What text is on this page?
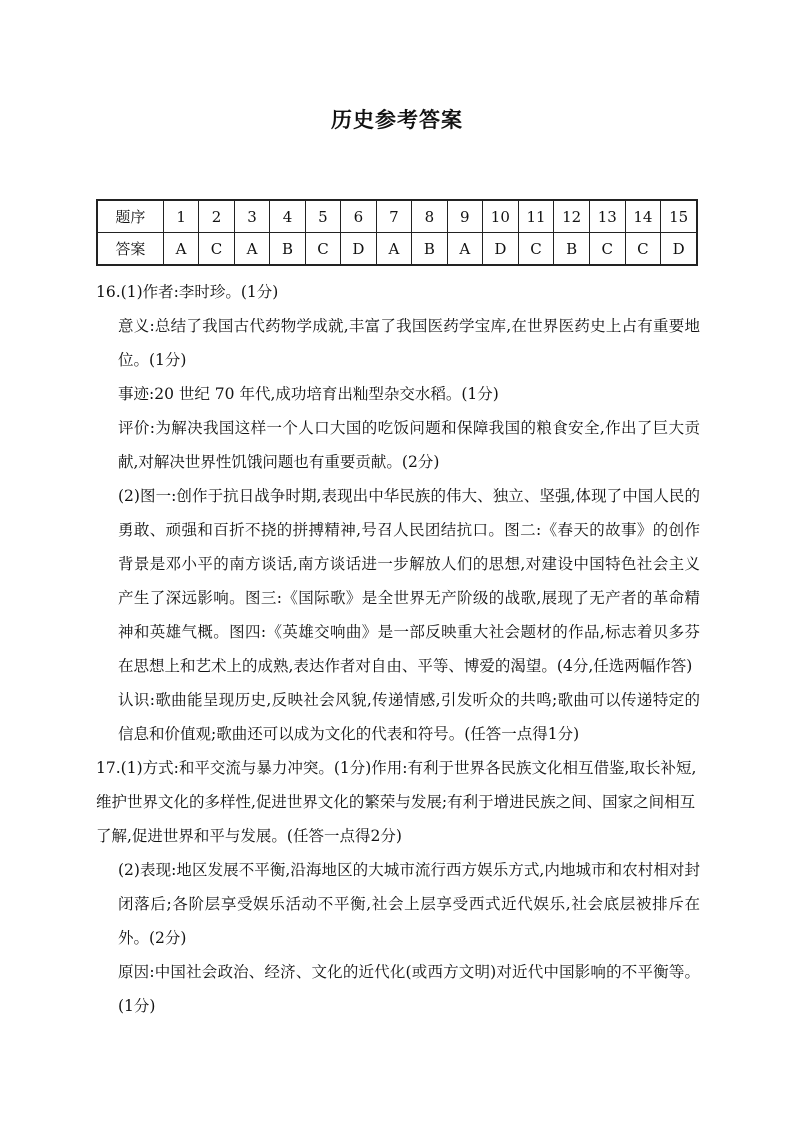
历史参考答案
题序	1	2	3	4	5	6	7	8	9	10	11	12	13	14	15
答案	A	C	A	B	C	D	A	B	A	D	C	B	C	C	D

16.(1)作者:李时珍。(1分)

意义:总结了我国古代药物学成就,丰富了我国医药学宝库,在世界医药史上占有重要地位。(1分)

事迹:20 世纪 70 年代,成功培育出籼型杂交水稻。(1分)

评价:为解决我国这样一个人口大国的吃饭问题和保障我国的粮食安全,作出了巨大贡献,对解决世界性饥饿问题也有重要贡献。(2分)

(2)图一:创作于抗日战争时期,表现出中华民族的伟大、独立、坚强,体现了中国人民的勇敢、顽强和百折不挠的拼搏精神,号召人民团结抗口。图二:《春天的故事》的创作背景是邓小平的南方谈话,南方谈话进一步解放人们的思想,对建设中国特色社会主义产生了深远影响。图三:《国际歌》是全世界无产阶级的战歌,展现了无产者的革命精神和英雄气概。图四:《英雄交响曲》是一部反映重大社会题材的作品,标志着贝多芬在思想上和艺术上的成熟,表达作者对自由、平等、博爱的渴望。(4分,任选两幅作答)

认识:歌曲能呈现历史,反映社会风貌,传递情感,引发听众的共鸣;歌曲可以传递特定的信息和价值观;歌曲还可以成为文化的代表和符号。(任答一点得1分)

17.(1)方式:和平交流与暴力冲突。(1分)作用:有利于世界各民族文化相互借鉴,取长补短,维护世界文化的多样性,促进世界文化的繁荣与发展;有利于增进民族之间、国家之间相互了解,促进世界和平与发展。(任答一点得2分)

(2)表现:地区发展不平衡,沿海地区的大城市流行西方娱乐方式,内地城市和农村相对封闭落后;各阶层享受娱乐活动不平衡,社会上层享受西式近代娱乐,社会底层被排斥在外。(2分)

原因:中国社会政治、经济、文化的近代化(或西方文明)对近代中国影响的不平衡等。(1分)
